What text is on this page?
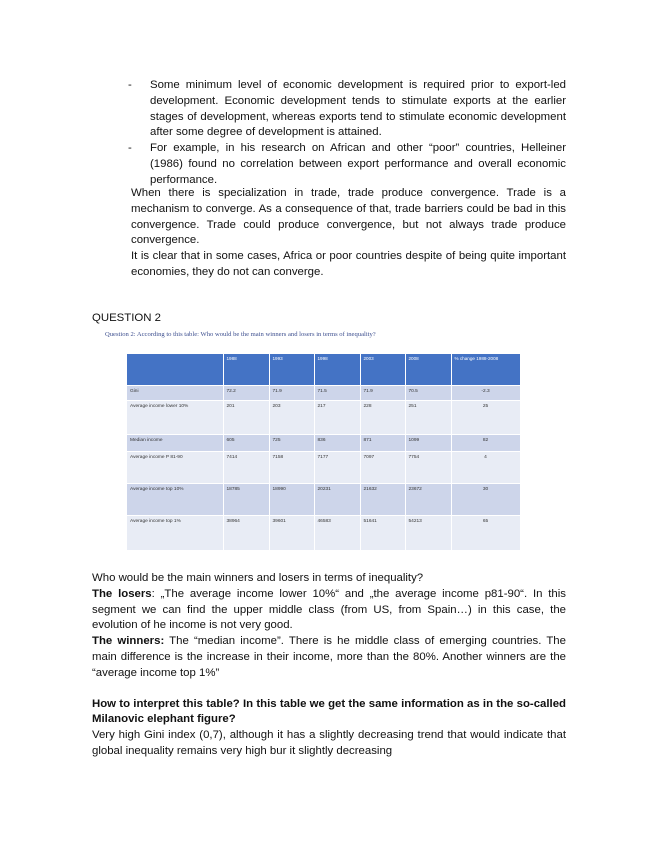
- Some minimum level of economic development is required prior to export-led development. Economic development tends to stimulate exports at the earlier stages of development, whereas exports tend to stimulate economic development after some degree of development is attained.
- For example, in his research on African and other “poor” countries, Helleiner (1986) found no correlation between export performance and overall economic performance.
When there is specialization in trade, trade produce convergence. Trade is a mechanism to converge. As a consequence of that, trade barriers could be bad in this convergence. Trade could produce convergence, but not always trade produce convergence.
It is clear that in some cases, Africa or poor countries despite of being quite important economies, they do not can converge.
QUESTION 2
Question 2: According to this table: Who would be the main winners and losers in terms of inequality?
	1988	1993	1998	2003	2008	% change 1988-2008
Gini	72.2	71.9	71.5	71.9	70.5	-2.3
Average income lower 10%	201	203	217	228	251	25
Median income	605	725	836	871	1099	82
Average income P 81-90	7414	7158	7177	7097	7754	4
Average income top 10%	18785	18990	20231	21632	23672	30
Average income top 1%	38964	39601	46583	51641	54213	65

Who would be the main winners and losers in terms of inequality?

The losers: „The average income lower 10%“ and „the average income p81-90“. In this segment we can find the upper middle class (from US, from Spain…) in this case, the evolution of he income is not very good.

The winners: The “median income”. There is he middle class of emerging countries. The main difference is the increase in their income, more than the 80%. Another winners are the “average income top 1%”

How to interpret this table? In this table we get the same information as in the so-called Milanovic elephant figure?

Very high Gini index (0,7), although it has a slightly decreasing trend that would indicate that global inequality remains very high bur it slightly decreasing
